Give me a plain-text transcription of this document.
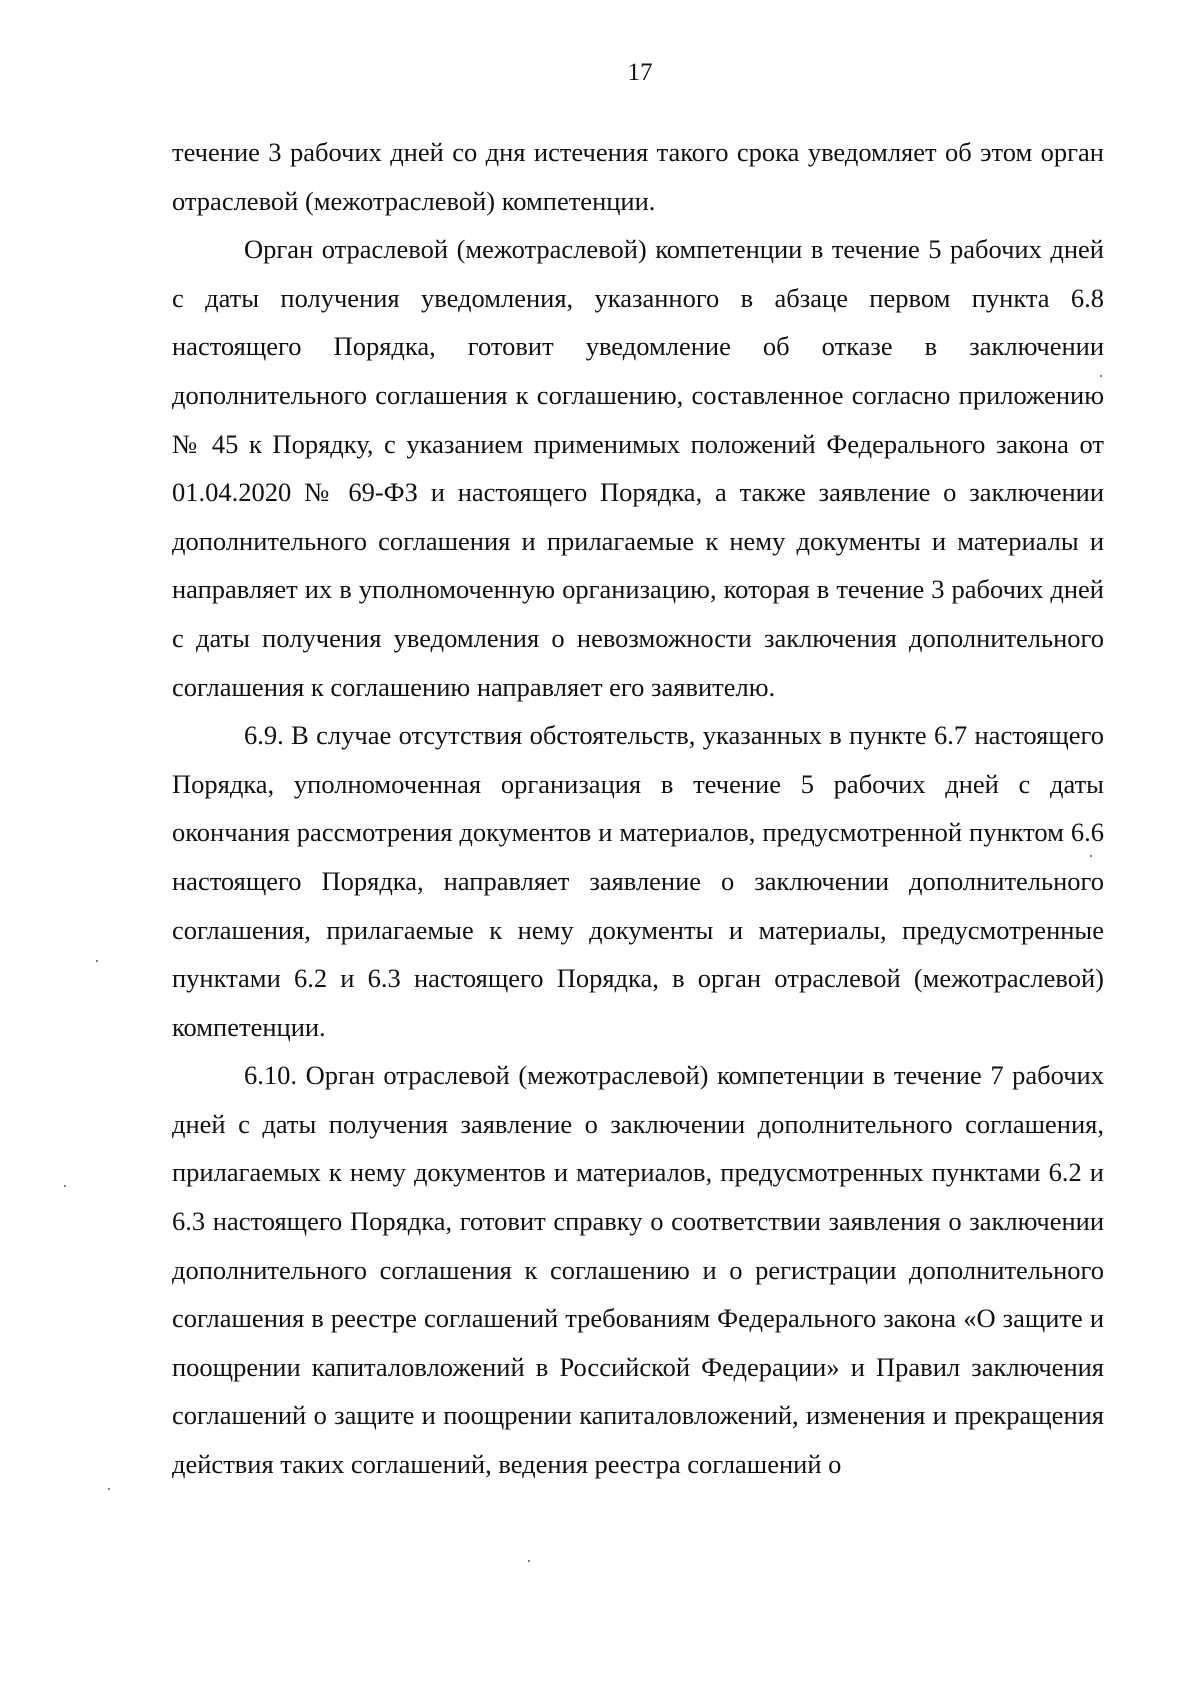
17

течение 3 рабочих дней со дня истечения такого срока уведомляет об этом орган отраслевой (межотраслевой) компетенции.

Орган отраслевой (межотраслевой) компетенции в течение 5 рабочих дней с даты получения уведомления, указанного в абзаце первом пункта 6.8 настоящего Порядка, готовит уведомление об отказе в заключении дополнительного соглашения к соглашению, составленное согласно приложению № 45 к Порядку, с указанием применимых положений Федерального закона от 01.04.2020 № 69-ФЗ и настоящего Порядка, а также заявление о заключении дополнительного соглашения и прилагаемые к нему документы и материалы и направляет их в уполномоченную организацию, которая в течение 3 рабочих дней с даты получения уведомления о невозможности заключения дополнительного соглашения к соглашению направляет его заявителю.

6.9. В случае отсутствия обстоятельств, указанных в пункте 6.7 настоящего Порядка, уполномоченная организация в течение 5 рабочих дней с даты окончания рассмотрения документов и материалов, предусмотренной пунктом 6.6 настоящего Порядка, направляет заявление о заключении дополнительного соглашения, прилагаемые к нему документы и материалы, предусмотренные пунктами 6.2 и 6.3 настоящего Порядка, в орган отраслевой (межотраслевой) компетенции.

6.10. Орган отраслевой (межотраслевой) компетенции в течение 7 рабочих дней с даты получения заявление о заключении дополнительного соглашения, прилагаемых к нему документов и материалов, предусмотренных пунктами 6.2 и 6.3 настоящего Порядка, готовит справку о соответствии заявления о заключении дополнительного соглашения к соглашению и о регистрации дополнительного соглашения в реестре соглашений требованиям Федерального закона «О защите и поощрении капиталовложений в Российской Федерации» и Правил заключения соглашений о защите и поощрении капиталовложений, изменения и прекращения действия таких соглашений, ведения реестра соглашений о
